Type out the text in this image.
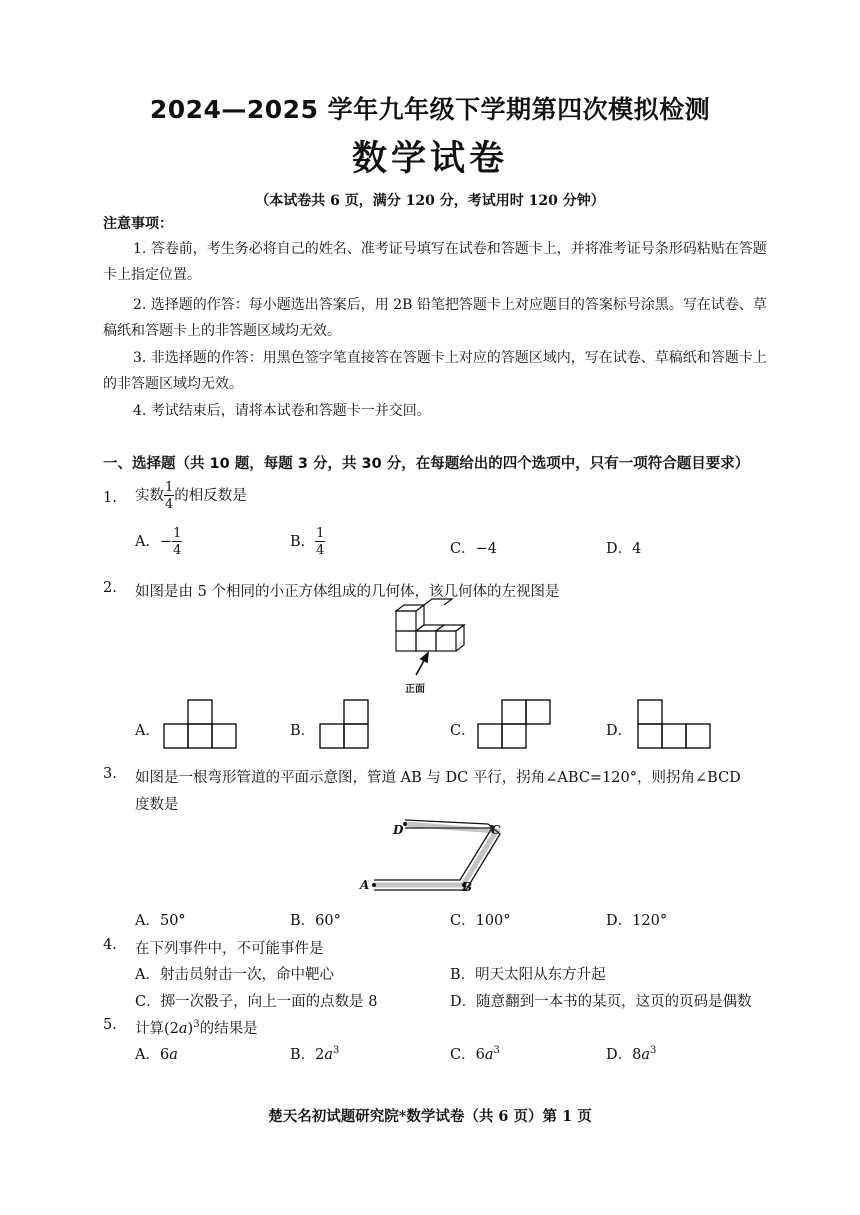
2024—2025 学年九年级下学期第四次模拟检测
数学试卷
（本试卷共 6 页，满分 120 分，考试用时 120 分钟）
注意事项：
1. 答卷前，考生务必将自己的姓名、准考证号填写在试卷和答题卡上，并将准考证号条形码粘贴在答题卡上指定位置。
2. 选择题的作答：每小题选出答案后，用 2B 铅笔把答题卡上对应题目的答案标号涂黑。写在试卷、草稿纸和答题卡上的非答题区域均无效。
3. 非选择题的作答：用黑色签字笔直接答在答题卡上对应的答题区域内，写在试卷、草稿纸和答题卡上的非答题区域均无效。
4. 考试结束后，请将本试卷和答题卡一并交回。
一、选择题（共 10 题，每题 3 分，共 30 分，在每题给出的四个选项中，只有一项符合题目要求）
1. 实数 $\frac{1}{4}$ 的相反数是
A．− $\frac{1}{4}$	B． $\frac{1}{4}$	C．−4	D．4
2. 如图是由 5 个相同的小正方体组成的几何体，该几何体的左视图是
正面
A．	B．	C．	D．
3. 如图是一根弯形管道的平面示意图，管道 AB 与 DC 平行，拐角∠ABC=120°，则拐角∠BCD
度数是
A	B
C
D
A．50°	B．60°	C．100°	D．120°
4. 在下列事件中，不可能事件是
A．射击员射击一次，命中靶心	B．明天太阳从东方升起
C．掷一次骰子，向上一面的点数是 8	D．随意翻到一本书的某页，这页的页码是偶数
5. 计算$(2a)^3$的结果是
A．6a	B．$2a^3$	C．$6a^3$	D．$8a^3$
楚天名初试题研究院*数学试卷（共 6 页）第 1 页
